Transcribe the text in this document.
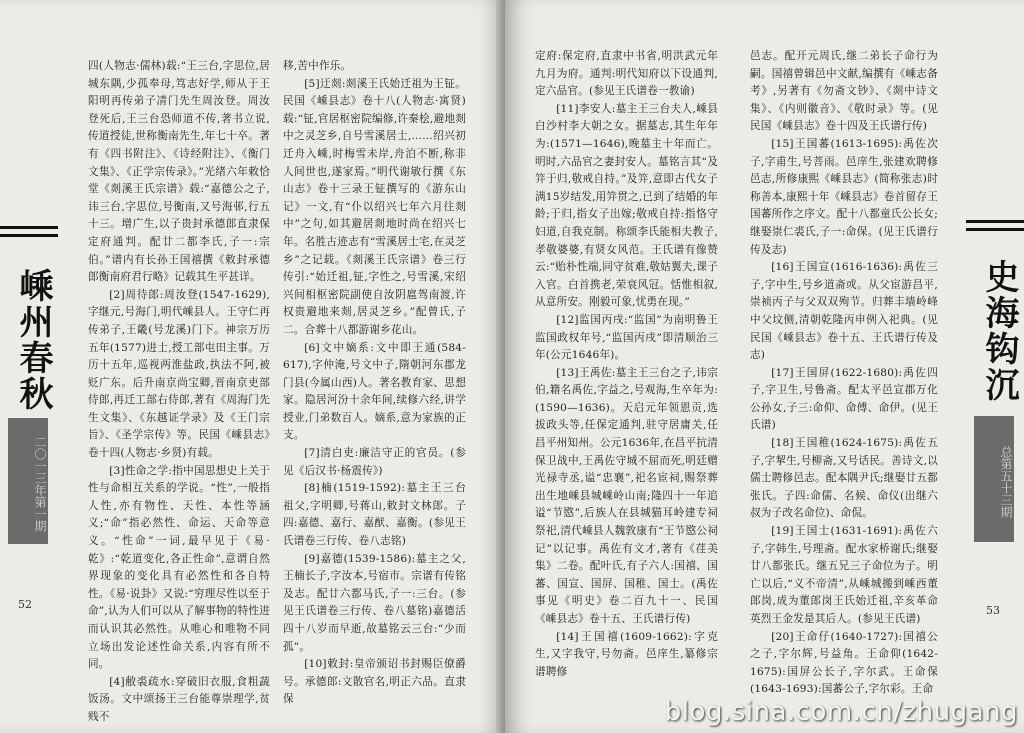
嵊州春秋
二〇一三年第一期
52

四(人物志·儒林)载:“王三台,字思位,居城东隅,少孤奉母,笃志好学,师从于王阳明再传弟子凊门先生周汝登。周汝登死后,王三台恐师道不传,著书立说,传道授徒,世称衡南先生,年七十卒。著有《四书附注》、《诗经附注》、《衡门文集》、《正学宗传录》。”光绪六年敕恰堂《剡溪王氏宗谱》载:“嘉德公之子,讳三台,字思位,号衡南,又号海邨,行五十三。增广生,以子贵封承德郎直隶保定府通判。配廿二都李氏,子一:宗伯。”谱内有长孙王国禧撰《敕封承德郎衡南府君行略》记载其生平甚详。

[2]周待郎:周汝登(1547-1629),字继元,号海门,明代嵊县人。王守仁再传弟子,王畿(号龙溪)门下。神宗万历五年(1577)进士,授工部屯田主事。万历十五年,巡视两淮盐政,执法不阿,被贬广东。后升南京尚宝卿,晋南京吏部侍郎,再迁工部右侍郎,著有《周海门先生文集》、《东越证学录》及《王门宗旨》、《圣学宗传》等。民国《嵊县志》卷十四(人物志·乡贤)有载。

[3]性命之学:指中国思想史上关于性与命相互关系的学说。“性”,一般指人性,亦有物性、天性、本性等涵义;“命”指必然性、命运、天命等意义。“性命”一词,最早见于《易·乾》:“乾道变化,各正性命”,意谓自然界现象的变化具有必然性和各自特性。《易·说卦》又说:“穷理尽性以至于命”,认为人们可以从了解事物的特性进而认识其必然性。从唯心和唯物不同立场出发论述性命关系,内容有所不同。

[4]敝裘疏水:穿破旧衣服,食粗蔬饭汤。文中颂扬王三台能尊崇理学,贫贱不

移,苦中作乐。

[5]迂剡:剡溪王氏始迁祖为王钲。民国《嵊县志》卷十八(人物志·寓贤)载:“钲,官居枢密院编修,许秦桧,避地剡中之灵芝乡,自号雪溪居士,……绍兴初迁舟入嵊,时梅雪未岸,舟泊不断,称非人间世也,遂家焉。”明代谢敏行撰《东山志》卷十三录王钲撰写的《游东山记》一文,有“仆以绍兴七年六月往剡中”之句,如其避居剡地时尚在绍兴七年。名胜古迹志有“雪溪居士宅,在灵芝乡”之记载。《剡溪王氏宗谱》卷三行传引:“始迁祖,钲,字性之,号雪溪,宋绍兴间相枢密院副使自汝阴扈驾南渡,许权贵避地来剡,居灵芝乡。”配曾氏,子二。合葬十八都游谢乡花山。

[6]文中嫡系:文中即王通(584-617),字仲淹,号文中子,隋朝河东郡龙门县(今属山西)人。著名教育家、思想家。隐居河汾十余年间,续修六经,讲学授业,门弟数百人。嫡系,意为家族的正支。

[7]清白吏:廉洁守正的官员。(参见《后汉书·杨震传》)

[8]楠(1519-1592):墓主王三台祖父,字明卿,号蒋山,敕封文林郎。子四:嘉德、嘉行、嘉猷、嘉衡。(参见王氏谱卷三行传、卷八志铭)

[9]嘉德(1539-1586):墓主之父,王楠长子,字汝本,号宿市。宗谱有传铭及志。配廿六都马氏,子一:三台。(参见王氏谱卷三行传、卷八墓铭)嘉德活四十八岁而早逝,故墓铭云三台:“少而孤”。

[10]敕封:皇帝颁诏书封赐臣僚爵号。承德郎:文散官名,明正六品。直隶保

定府:保定府,直隶中书省,明洪武元年九月为府。通判:明代知府以下设通判,定六品官。(参见王氏谱卷一教谕)

[11]李安人:墓主王三台夫人,嵊县白沙村李大朝之女。据墓志,其生年年为:(1571—1646),晚墓主十年而亡。明时,六品官之妻封安人。墓铭言其“及笄于归,敬戒自持。”及笄,意即古代女子满15岁结发,用笄贯之,已到了结婚的年龄;于归,指女子出嫁;敬戒自持:指恪守妇道,自我克制。称颂李氏能相夫教子,孝敬婆婆,有贤女风范。王氏谱有像赞云:“贻朴性端,同守贫难,敬姑翼夫,课子入官。白首携老,荣衰风冠。恬惟相叙,从意所安。刚毅可象,忧勇在现。”

[12]监国丙戌:“监国”为南明鲁王监国政权年号,“监国丙戌”即清顺治三年(公元1646年)。

[13]王禹佐:墓主王三台之子,讳宗伯,籍名禹佐,字益之,号观海,生卒年为:(1590—1636)。天启元年领恩贡,选拔政头等,任保定通判,驻守居庸关,任昌平州知州。公元1636年,在昌平抗清保卫战中,王禹佐守城不屈而死,明廷赠光禄寺丞,谥“忠襄”,祀名宦祠,赐祭葬出生地嵊县城嵊岭山南;隆四十一年追谥“节愍”,后族人在县城猫耳岭建专祠祭祀,清代嵊县人魏敦康有“王节愍公祠记”以记事。禹佐有文才,著有《荏美集》二卷。配叶氏,有子六人:国禧、国蕃、国宣、国屏、国稚、国士。(禹佐事见《明史》卷二百九十一、民国《嵊县志》卷十五、王氏谱行传)

[14]王国禧(1609-1662):字克生,又字我守,号勿斋。邑庠生,纂修宗谱聘修

邑志。配开元周氏,继二弟长子命行为嗣。国禧曾辑邑中文献,编撰有《嵊志备考》,另著有《勿斋文钞》、《剡中诗文集》、《内则徽音》、《敬时录》等。(见民国《嵊县志》卷十四及王氏谱行传)

[15]王国蕃(1613-1695):禹佐次子,字甫生,号菩雨。邑庠生,张建欢聘修邑志,所修康熙《嵊县志》(简称张志)时称善本,康熙十年《嵊县志》卷首留存王国蕃所作之序文。配十八都童氏公长女;继娶崇仁裘氏,子一:命保。(见王氏谱行传及志)

[16]王国宣(1616-1636):禹佐三子,字中生,号乡道斋或。从父宦游昌平,崇祯丙子与父双双殉节。归葬丰墙岭峰中父坟侧,清朝乾隆丙申例入祀典。(见民国《嵊县志》卷十五、王氏谱行传及志)

[17]王国屏(1622-1680):禹佐四子,字卫生,号鲁斋。配太平邑宣郡万化公孙女,子三:命仰、命傅、命伊。(见王氏谱)

[18]王国稚(1624-1675):禹佐五子,字挈生,号柳斋,又号话民。善诗文,以儒士聘修邑志。配本隅尹氏;继娶廿五都张氏。子四:命儒、名候、命仪(出继六叔为子改名命位)、命侃。

[19]王国士(1631-1691):禹佐六子,字韩生,号理斋。配水家桥谢氏;继娶廿八都张氏。继五兄三子命位为子。明亡以后,“义不帝清”,从嵊城搬到嵊西董郎岗,成为董郎岗王氏始迁祖,辛亥革命英烈王金发是其后人。(参见王氏谱)

[20]王命仔(1640-1727):国禧公之子,字尔辉,号益角。王命仰(1642-1675):国屏公长子,字尔武。王命保(1643-1693):国蕃公子,字尔彩。王命

史海钩沉
总第五十三期
53
blog.sina.com.cn/zhugang
